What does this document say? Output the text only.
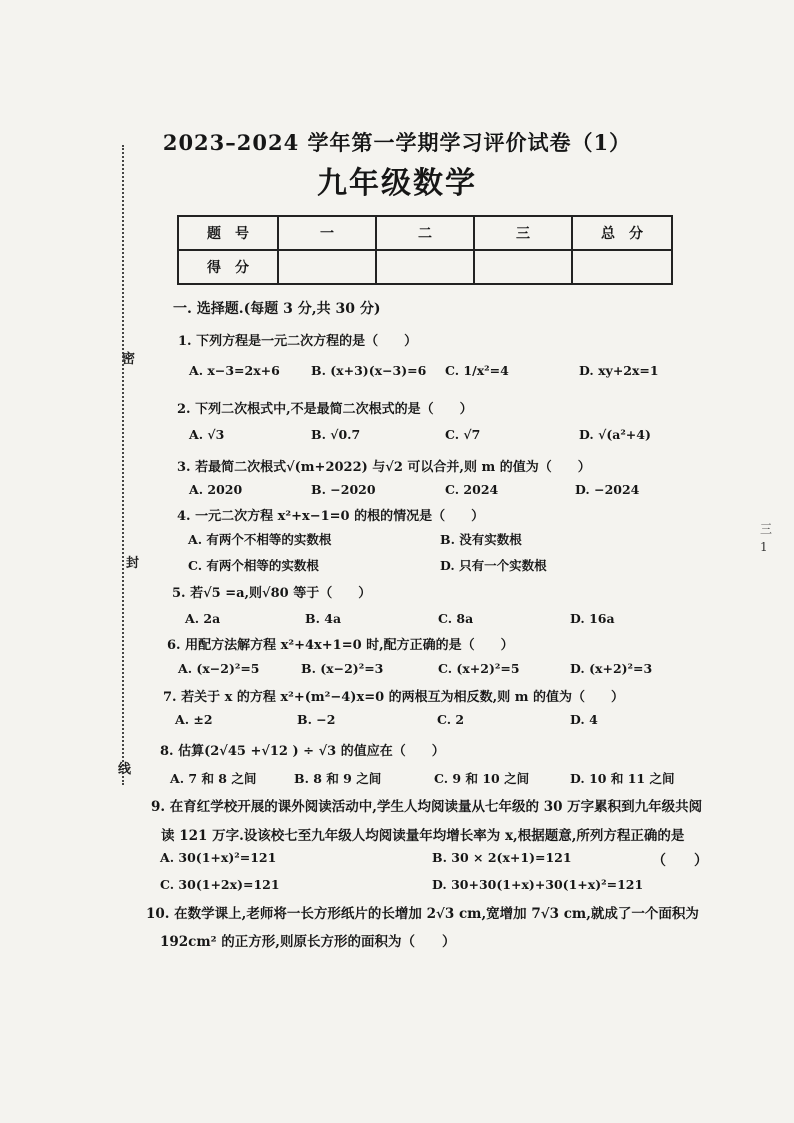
密
封
线
三
1
2023–2024 学年第一学期学习评价试卷（1）
九年级数学
题　号	一	二	三	总　分
得　分				
一. 选择题.(每题 3 分,共 30 分)
1. 下列方程是一元二次方程的是（　　）
A. x−3=2x+6 B. (x+3)(x−3)=6 C. 1/x²=4	D. xy+2x=1
2. 下列二次根式中,不是最简二次根式的是（　　）
A. √3	B. √0.7	C. √7	D. √(a²+4)
3. 若最简二次根式√(m+2022) 与√2 可以合并,则 m 的值为（　　）
A. 2020	B. −2020	C. 2024	D. −2024
4. 一元二次方程 x²+x−1=0 的根的情况是（　　）
A. 有两个不相等的实数根	B. 没有实数根
C. 有两个相等的实数根	D. 只有一个实数根
5. 若√5 =a,则√80 等于（　　）
A. 2a	B. 4a	C. 8a	D. 16a
6. 用配方法解方程 x²+4x+1=0 时,配方正确的是（　　）
A. (x−2)²=5	B. (x−2)²=3	C. (x+2)²=5	D. (x+2)²=3
7. 若关于 x 的方程 x²+(m²−4)x=0 的两根互为相反数,则 m 的值为（　　）
A. ±2	B. −2	C. 2	D. 4
8. 估算(2√45 +√12 ) ÷ √3 的值应在（　　）
A. 7 和 8 之间	B. 8 和 9 之间	C. 9 和 10 之间	D. 10 和 11 之间
9. 在育红学校开展的课外阅读活动中,学生人均阅读量从七年级的 30 万字累积到九年级共阅
读 121 万字.设该校七至九年级人均阅读量年均增长率为 x,根据题意,所列方程正确的是
A. 30(1+x)²=121	B. 30 × 2(x+1)=121	（　　）
C. 30(1+2x)=121	D. 30+30(1+x)+30(1+x)²=121
10. 在数学课上,老师将一长方形纸片的长增加 2√3 cm,宽增加 7√3 cm,就成了一个面积为
192cm² 的正方形,则原长方形的面积为（　　）
